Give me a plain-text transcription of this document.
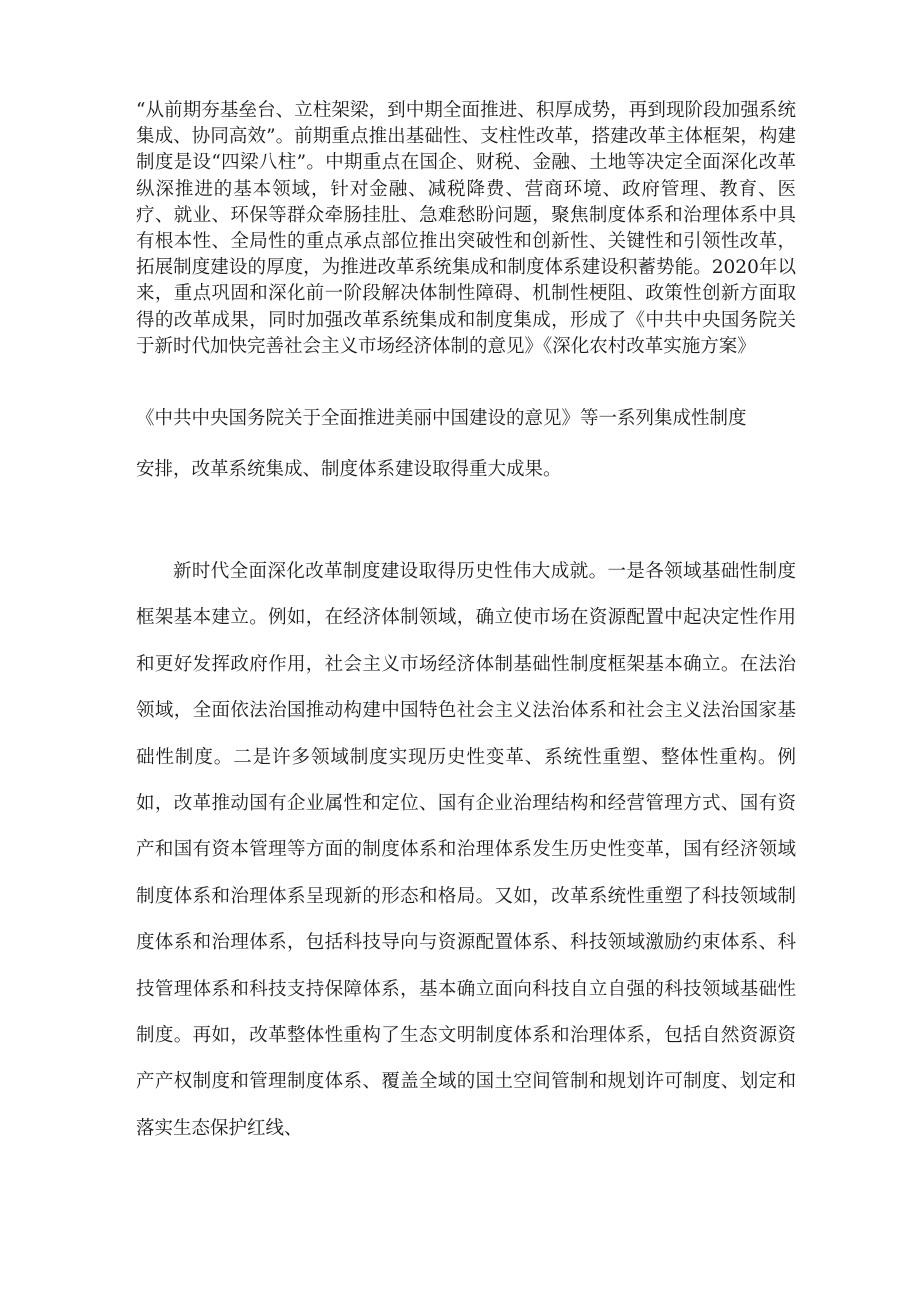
“从前期夯基垒台、立柱架梁，到中期全面推进、积厚成势，再到现阶段加强系统集成、协同高效”。前期重点推出基础性、支柱性改革，搭建改革主体框架，构建制度是设“四梁八柱”。中期重点在国企、财税、金融、土地等决定全面深化改革纵深推进的基本领域，针对金融、减税降费、营商环境、政府管理、教育、医疗、就业、环保等群众牵肠挂肚、急难愁盼问题，聚焦制度体系和治理体系中具有根本性、全局性的重点承点部位推出突破性和创新性、关键性和引领性改革，拓展制度建设的厚度，为推进改革系统集成和制度体系建设积蓄势能。2020年以来，重点巩固和深化前一阶段解决体制性障碍、机制性梗阻、政策性创新方面取得的改革成果，同时加强改革系统集成和制度集成，形成了《中共中央国务院关于新时代加快完善社会主义市场经济体制的意见》《深化农村改革实施方案》

《中共中央国务院关于全面推进美丽中国建设的意见》等一系列集成性制度

安排，改革系统集成、制度体系建设取得重大成果。

新时代全面深化改革制度建设取得历史性伟大成就。一是各领域基础性制度框架基本建立。例如，在经济体制领域，确立使市场在资源配置中起决定性作用和更好发挥政府作用，社会主义市场经济体制基础性制度框架基本确立。在法治领域，全面依法治国推动构建中国特色社会主义法治体系和社会主义法治国家基础性制度。二是许多领域制度实现历史性变革、系统性重塑、整体性重构。例如，改革推动国有企业属性和定位、国有企业治理结构和经营管理方式、国有资产和国有资本管理等方面的制度体系和治理体系发生历史性变革，国有经济领域制度体系和治理体系呈现新的形态和格局。又如，改革系统性重塑了科技领域制度体系和治理体系，包括科技导向与资源配置体系、科技领域激励约束体系、科技管理体系和科技支持保障体系，基本确立面向科技自立自强的科技领域基础性制度。再如，改革整体性重构了生态文明制度体系和治理体系，包括自然资源资产产权制度和管理制度体系、覆盖全域的国土空间管制和规划许可制度、划定和落实生态保护红线、
